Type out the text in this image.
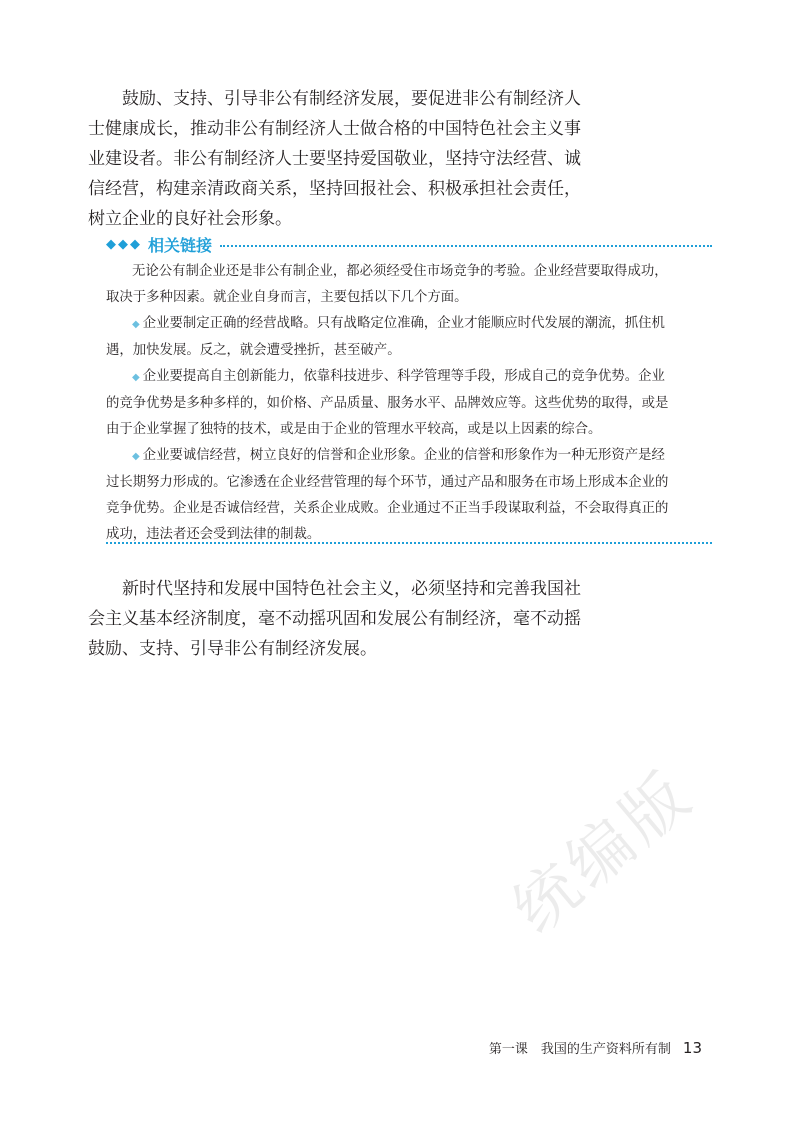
鼓励、支持、引导非公有制经济发展，要促进非公有制经济人
士健康成长，推动非公有制经济人士做合格的中国特色社会主义事
业建设者。非公有制经济人士要坚持爱国敬业，坚持守法经营、诚
信经营，构建亲清政商关系，坚持回报社会、积极承担社会责任，
树立企业的良好社会形象。
◆◆◆ 相关链接
无论公有制企业还是非公有制企业，都必须经受住市场竞争的考验。企业经营要取得成功，
取决于多种因素。就企业自身而言，主要包括以下几个方面。
◆ 企业要制定正确的经营战略。只有战略定位准确，企业才能顺应时代发展的潮流，抓住机
遇，加快发展。反之，就会遭受挫折，甚至破产。
◆ 企业要提高自主创新能力，依靠科技进步、科学管理等手段，形成自己的竞争优势。企业
的竞争优势是多种多样的，如价格、产品质量、服务水平、品牌效应等。这些优势的取得，或是
由于企业掌握了独特的技术，或是由于企业的管理水平较高，或是以上因素的综合。
◆ 企业要诚信经营，树立良好的信誉和企业形象。企业的信誉和形象作为一种无形资产是经
过长期努力形成的。它渗透在企业经营管理的每个环节，通过产品和服务在市场上形成本企业的
竞争优势。企业是否诚信经营，关系企业成败。企业通过不正当手段谋取利益，不会取得真正的
成功，违法者还会受到法律的制裁。
新时代坚持和发展中国特色社会主义，必须坚持和完善我国社
会主义基本经济制度，毫不动摇巩固和发展公有制经济，毫不动摇
鼓励、支持、引导非公有制经济发展。
统编版
第一课　我国的生产资料所有制 13
